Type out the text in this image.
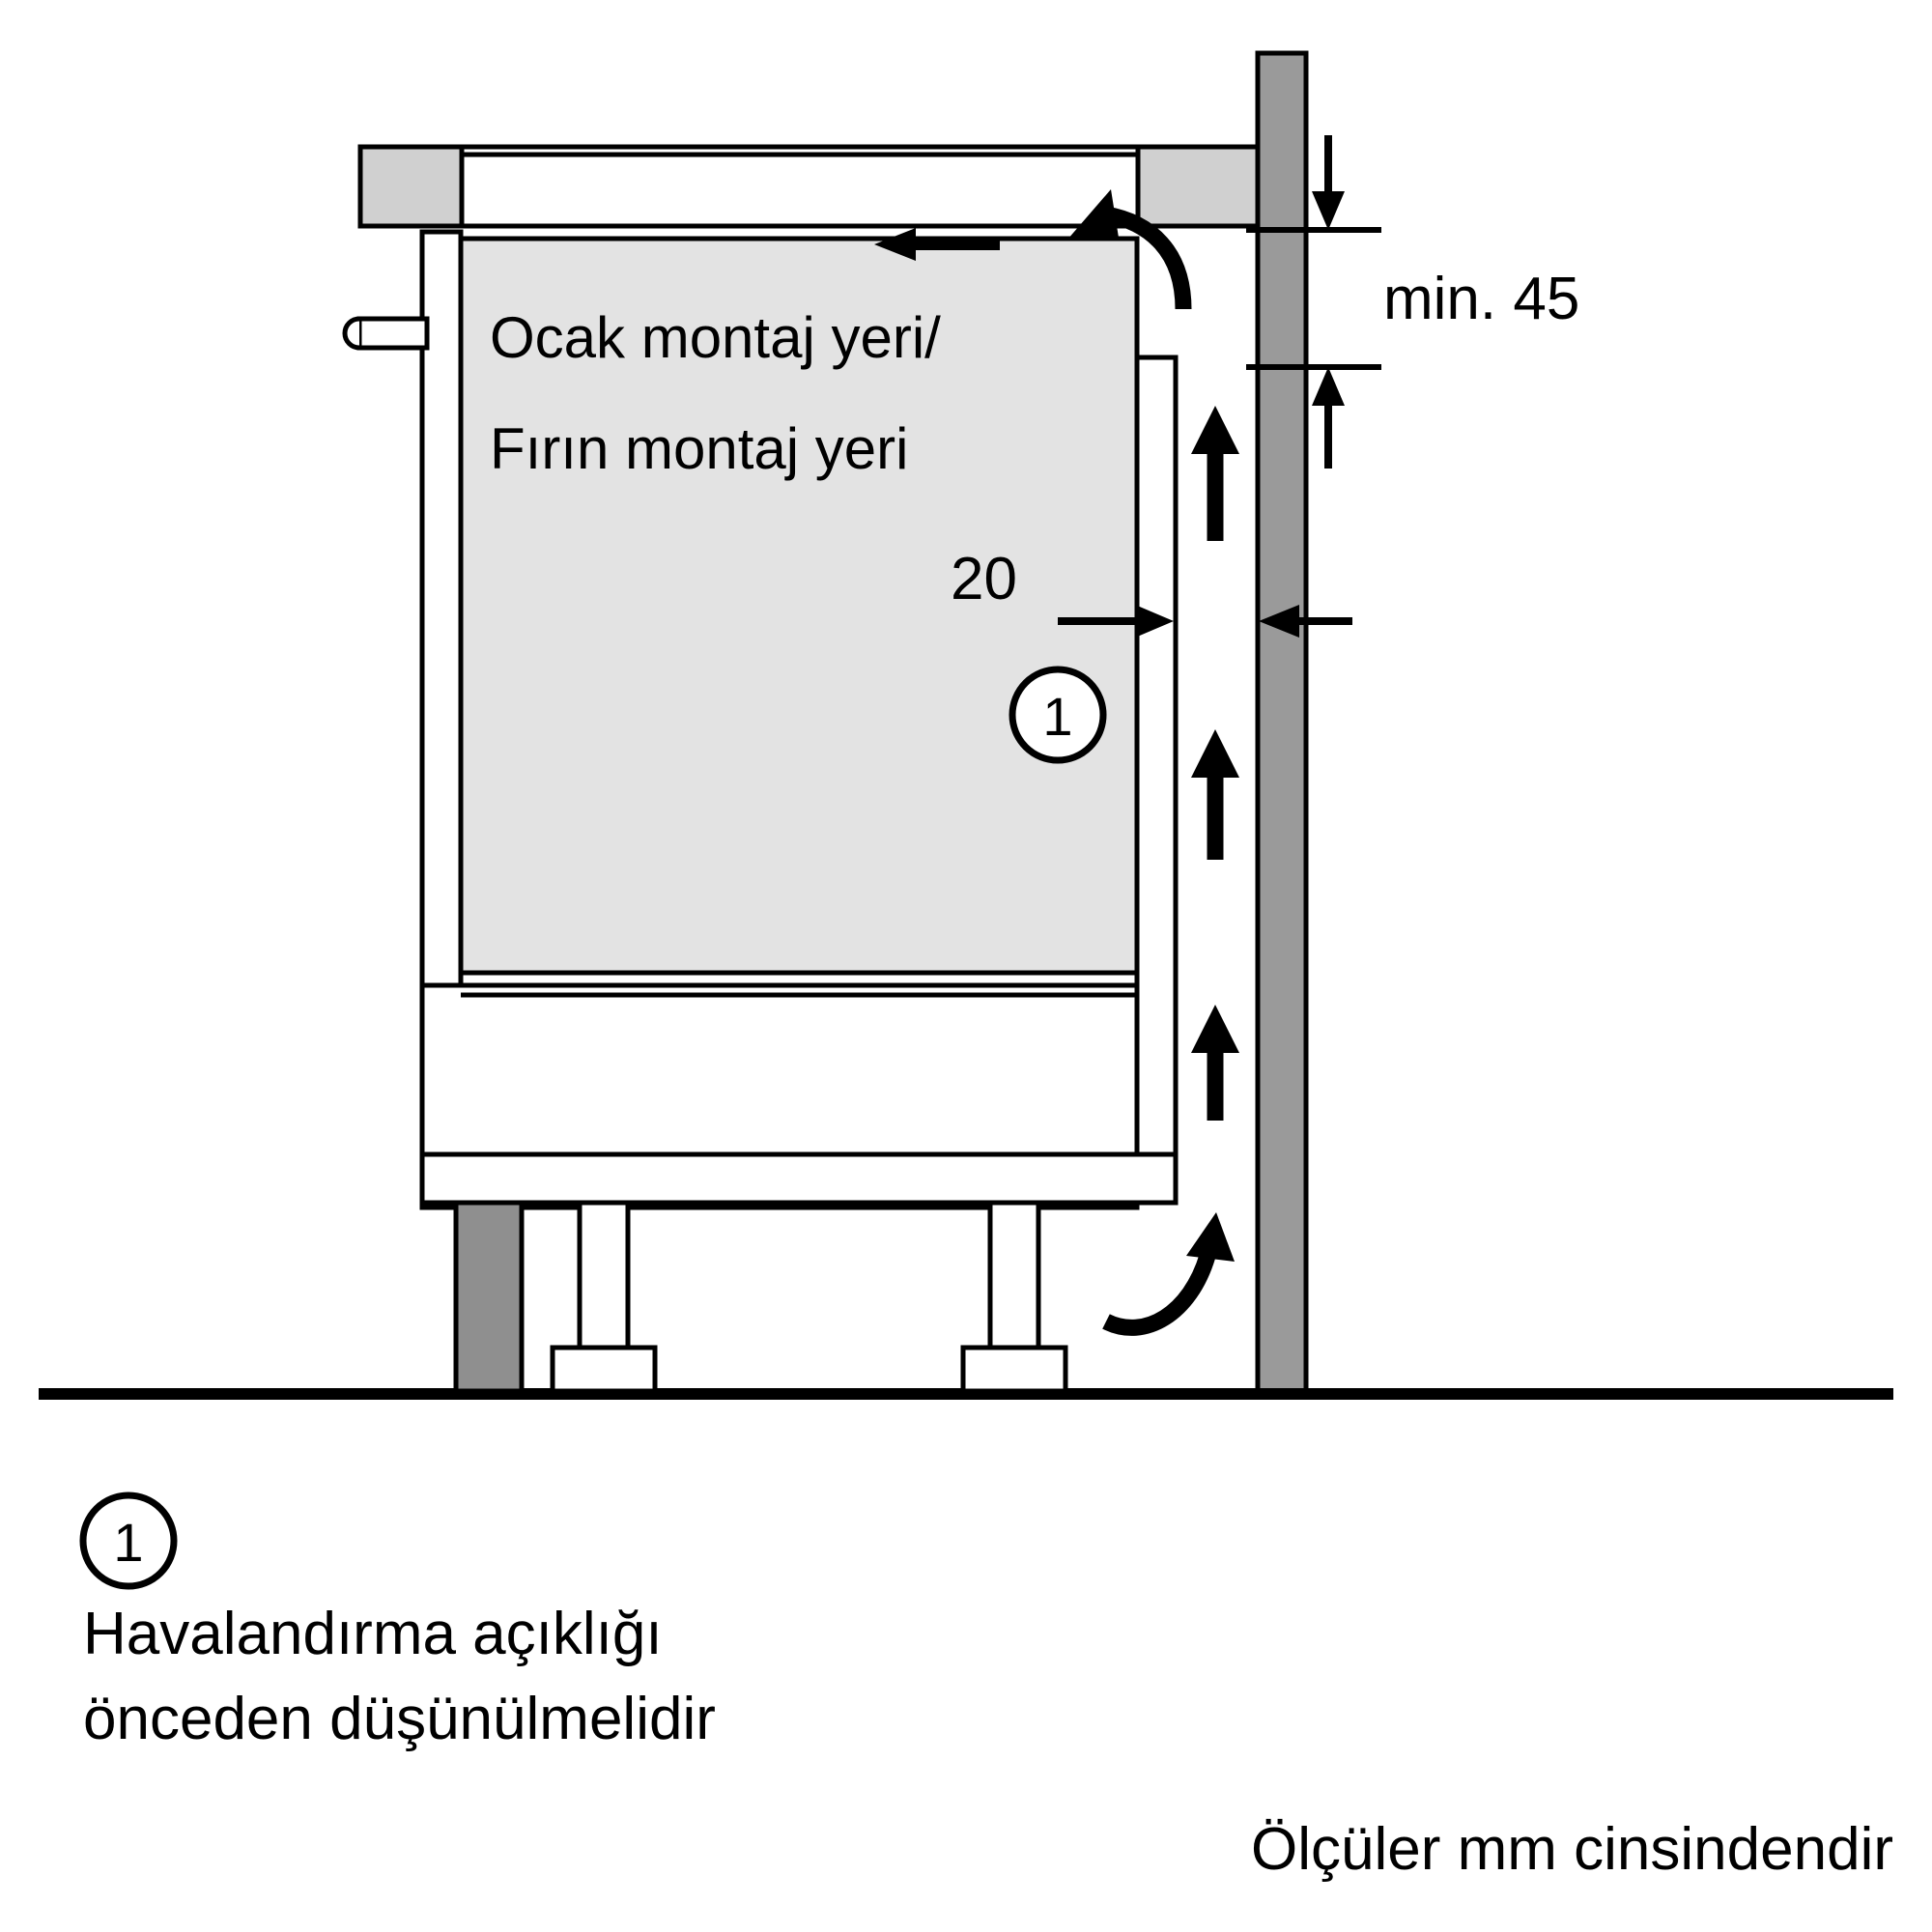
min. 45
20
Ocak montaj yeri/
Fırın montaj yeri
1
1
Havalandırma açıklığı
önceden düşünülmelidir
Ölçüler mm cinsindendir
